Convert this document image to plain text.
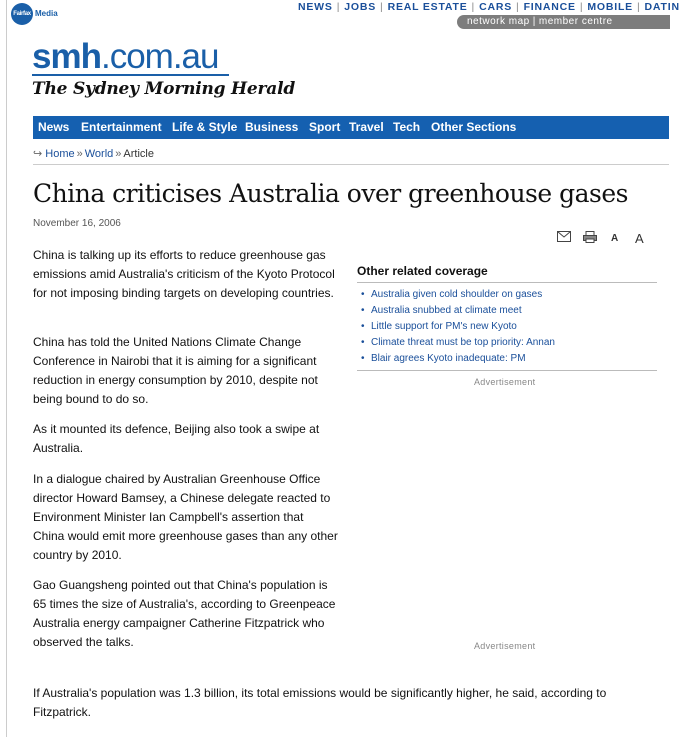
Fairfax Media
NEWS | JOBS | REAL ESTATE | CARS | FINANCE | MOBILE | DATIN
network map | member centre
smh.com.au
The Sydney Morning Herald
News Entertainment Life & Style Business Sport Travel Tech Other Sections
↪ Home » World » Article
China criticises Australia over greenhouse gases
November 16, 2006
A A

China is talking up its efforts to reduce greenhouse gas emissions amid Australia's criticism of the Kyoto Protocol for not imposing binding targets on developing countries.

China has told the United Nations Climate Change Conference in Nairobi that it is aiming for a significant reduction in energy consumption by 2010, despite not being bound to do so.

As it mounted its defence, Beijing also took a swipe at Australia.

In a dialogue chaired by Australian Greenhouse Office director Howard Bamsey, a Chinese delegate reacted to Environment Minister Ian Campbell's assertion that China would emit more greenhouse gases than any other country by 2010.

Gao Guangsheng pointed out that China's population is 65 times the size of Australia's, according to Greenpeace Australia energy campaigner Catherine Fitzpatrick who observed the talks.

If Australia's population was 1.3 billion, its total emissions would be significantly higher, he said, according to Fitzpatrick.

Other related coverage
• Australia given cold shoulder on gases
• Australia snubbed at climate meet
• Little support for PM's new Kyoto
• Climate threat must be top priority: Annan
• Blair agrees Kyoto inadequate: PM
Advertisement
Advertisement
